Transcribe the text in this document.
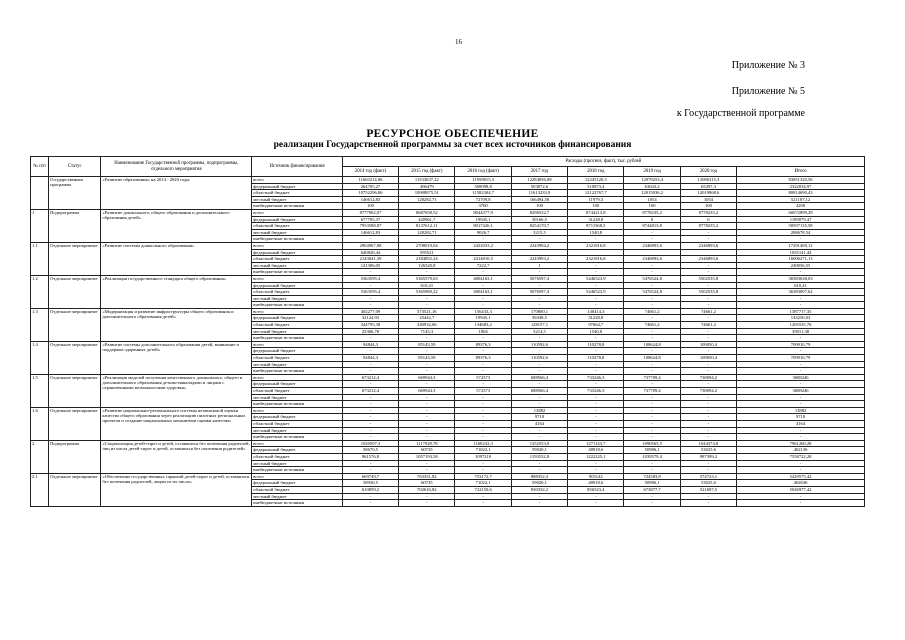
16
Приложение № 3
Приложение № 5
к Государственной программе
РЕСУРСНОЕ ОБЕСПЕЧЕНИЕ
реализации Государственной программы за счет всех источников финансирования
№ п/п	Статус	Наименование Государственной программы, подпрограммы, отдельного мероприятия	Источник финансирования	Расходы (прогноз, факт), тыс. рублей							
				2014 год (факт)	2015 год (факт)	2016 год (факт)	2017 год	2018 год	2019 год	2020 год	Итого
	Государственная программа	«Развитие образования» на 2014 - 2020 годы	всего	11663214,86	11533637,22	11958815,3	12284836,08	12245120,3	12079253,4	12086315,3	83851320,56
			федеральный бюджет	264705,27	496479	508098,8	503072,6	510873,4	63043,2	65297,3	2322034,97
			областной бюджет	10752296,86	10908875,51	11582304,7	11613233,9	12122767,7	12015036,2	12019868,6	80814690,43
			местный бюджет	146612,83	128282,71	72709,8	166494,58	11979,3	1054	1054	521187,12
			внебюджетные источники	100		3700	100	100	100	100	4200
1	Подпрограмма	«Развитие дошкольного, общего образования и дополнительного образования детей»	всего	8777902,07	8687658,52	8044377,9	8296532,7	8744213,8	8778235,2	8778235,2	60072899,29
			федеральный бюджет	677705,37	420961,7	19945,1	39166,5	31228,8	0	0	1189079,47
			областной бюджет	7953588,87	8137612,11	8017426,1	8254170,7	8711568,5	8744813,8	8778235,2	58597135,58
			местный бюджет	146612,83	128282,71	9026,7	3215,5	1540,8	-	-	288678,54
			внебюджетные источники	-	-	-	-	-	-	-	-
1.1	Отдельное мероприятие	«Развитие системы дошкольного образования»	всего	2904967,88	2708019,04	2422033,2	2243994,2	2321816,8	2346893,6	2346893,6	17291469,12
			федеральный бюджет	640820,44	595521						1035141,44
			областной бюджет	2143041,39	2184852,24	2414810,5	2243993,2	2321816,8	2346893,6	2346893,6	16006271,13
			местный бюджет	121306,05	126520,8	7222,7	1	-	-	-	249056,55
			внебюджетные источники	-	-	-	-	-	-	-	-
1.2	Отдельное мероприятие	«Реализация государственного стандарта общего образования»	всего	5363595,4	5365579,63	4804163,1	5076597,4	5446523,9	5476524,8	5502535,8	38383638,03
			федеральный бюджет	-	610,41	-	-	-	-	-	610,41
			областной бюджет	5363595,4	5365969,22	4804163,1	5076597,4	5446523,9	5476524,8	5502535,8	36383007,62
			местный бюджет	-	-	-	-	-	-	-	-
			внебюджетные источники	-	-	-	-	-	-	-	-
1.3	Отдельное мероприятие	«Модернизация и развитие инфраструктуры общего образования и дополнительного образования детей»	всего	402277,09	373521,16	156433,3	170800,1	130414,3	74661,2	74661,2	1387717,35
			федеральный бюджет	32124,93	25442,7	19945,1	39438,5	31228,8	-	-	143250,03
			областной бюджет	344795,38	340932,06	134683,2	128157,1	97664,7	74661,2	74661,2	1205535,76
			местный бюджет	25306,78	7145,3	1804	3214,5	1540,8	-	-	39011,38
			внебюджетные источники	-	-	-	-	-	-	-	-
1.4	Отдельное мероприятие	«Развитие системы дополнительного образования детей, выявление и поддержка одаренных детей»	всего	94844,3	85143,59	89376,3	110592,6	110278,8	108624,8	109050,4	709910,79
			федеральный бюджет	-	-	-	-	-	-	-	-
			областной бюджет	94844,3	85143,59	89376,3	110592,6	110278,8	108624,8	109050,4	709910,79
			местный бюджет	-	-	-	-	-	-	-	-
			внебюджетные источники	-	-	-	-	-	-	-	-
1.5	Отдельное мероприятие	«Реализация моделей получения качественного дошкольного, общего и дополнительного образования детьми-инвалидами и лицами с ограниченными возможностями здоровья»	всего	673212,4	669944,3	572373	688566,4	733246,3	737709,4	738094,2	3688246
			федеральный бюджет	-	-	-	-	-	-	-	-
			областной бюджет	673212,4	669944,3	572373	688566,4	733246,3	737709,4	738094,2	3688246
			местный бюджет	-	-	-	-	-	-	-	-
			внебюджетные источники	-	-	-	-	-	-	-	-
1.6	Отдельное мероприятие	«Развитие национально-регионального системы независимой оценки качества общего образования через реализацию пилотных региональных проектов и создание национальных механизмов оценки качества»	всего	-	-	-	13882	-	-	-	13882
			федеральный бюджет	-	-	-	9718	-	-	-	9718
			областной бюджет	-	-	-	4164	-	-	-	4164
			местный бюджет	-	-	-	-	-	-	-	-
			внебюджетные источники	-	-	-	-	-	-	-	-
2	Подпрограмма	«Социализация детей-сирот и детей, оставшихся без попечения родителей, лиц из числа детей-сирот и детей, оставшихся без попечения родителей»	всего	1020507,3	1117928,78	1168232,3	1252553,9	1271143,7	1090565,5	1044374,8	7961260,28
			федеральный бюджет	58670,5	60735	71022,1	59020,1	48918,6	50986,1	53025,6	402136
			областной бюджет	961576,8	1057193,58	1097210	1193532,8	1222225,1	1039579,4	987399,2	7558722,28
			местный бюджет	-	-	-	-	-	-	-	-
			внебюджетные источники	-	-	-	-	-	-	-	-
2.1	Отдельное мероприятие	«Обеспечение государственных гарантий детей-сирот и детей, оставшихся без попечения родителей, лицам из их числа»	всего	669749,7	763351,82	753172,7	888352,3	905142	724583,8	574723,1	5429575,42
			федеральный бюджет	58930,5	60735	71022,1	59020,1	48918,6	50986,1	53025,6	402636
			областной бюджет	610859,2	702616,82	722150,6	830332,2	856523,4	673877,7	521697,5	5026977,42
			местный бюджет	-	-	-	-	-	-	-	-
			внебюджетные источники	-	-	-	-	-	-	-	-
